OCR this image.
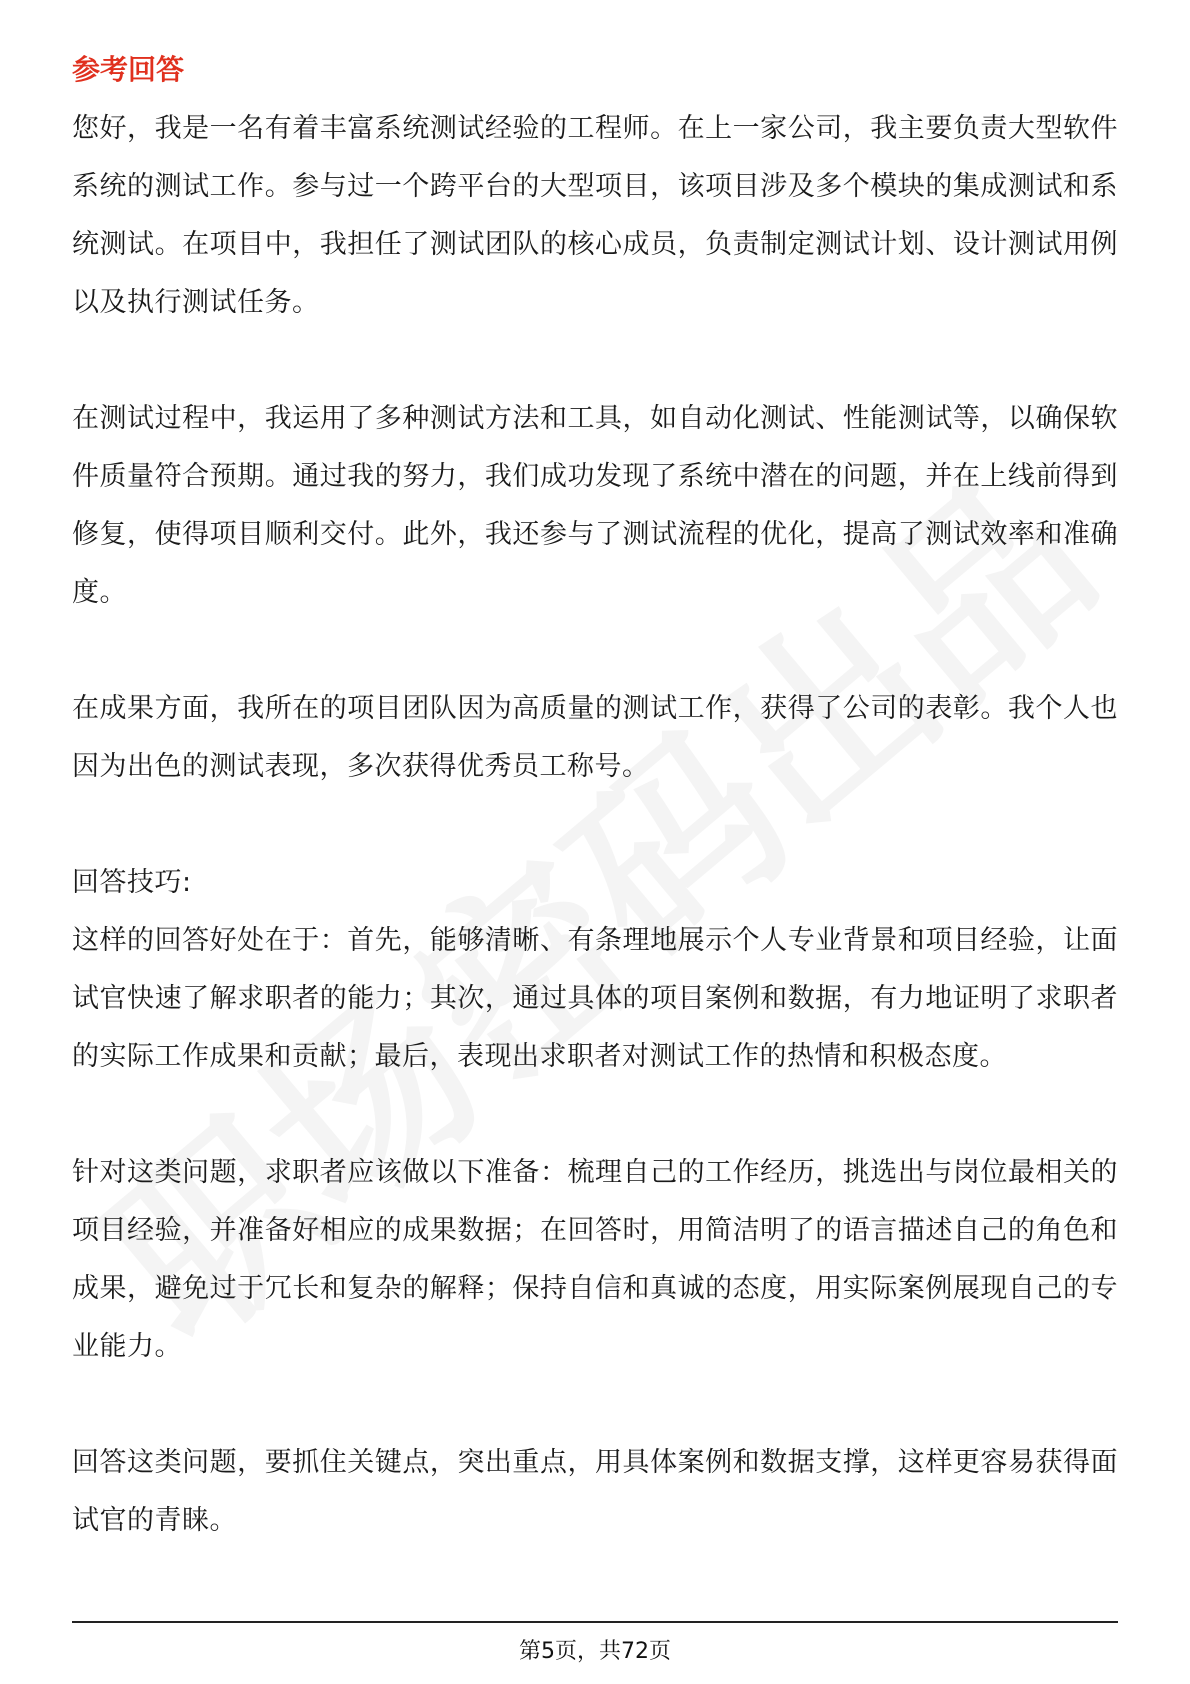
参考回答

您好，我是一名有着丰富系统测试经验的工程师。在上一家公司，我主要负责大型软件系统的测试工作。参与过一个跨平台的大型项目，该项目涉及多个模块的集成测试和系统测试。在项目中，我担任了测试团队的核心成员，负责制定测试计划、设计测试用例以及执行测试任务。

在测试过程中，我运用了多种测试方法和工具，如自动化测试、性能测试等，以确保软件质量符合预期。通过我的努力，我们成功发现了系统中潜在的问题，并在上线前得到修复，使得项目顺利交付。此外，我还参与了测试流程的优化，提高了测试效率和准确度。

在成果方面，我所在的项目团队因为高质量的测试工作，获得了公司的表彰。我个人也因为出色的测试表现，多次获得优秀员工称号。

回答技巧:

这样的回答好处在于：首先，能够清晰、有条理地展示个人专业背景和项目经验，让面试官快速了解求职者的能力；其次，通过具体的项目案例和数据，有力地证明了求职者的实际工作成果和贡献；最后，表现出求职者对测试工作的热情和积极态度。

针对这类问题，求职者应该做以下准备：梳理自己的工作经历，挑选出与岗位最相关的项目经验，并准备好相应的成果数据；在回答时，用简洁明了的语言描述自己的角色和成果，避免过于冗长和复杂的解释；保持自信和真诚的态度，用实际案例展现自己的专业能力。

回答这类问题，要抓住关键点，突出重点，用具体案例和数据支撑，这样更容易获得面试官的青睐。

第5页，共72页
